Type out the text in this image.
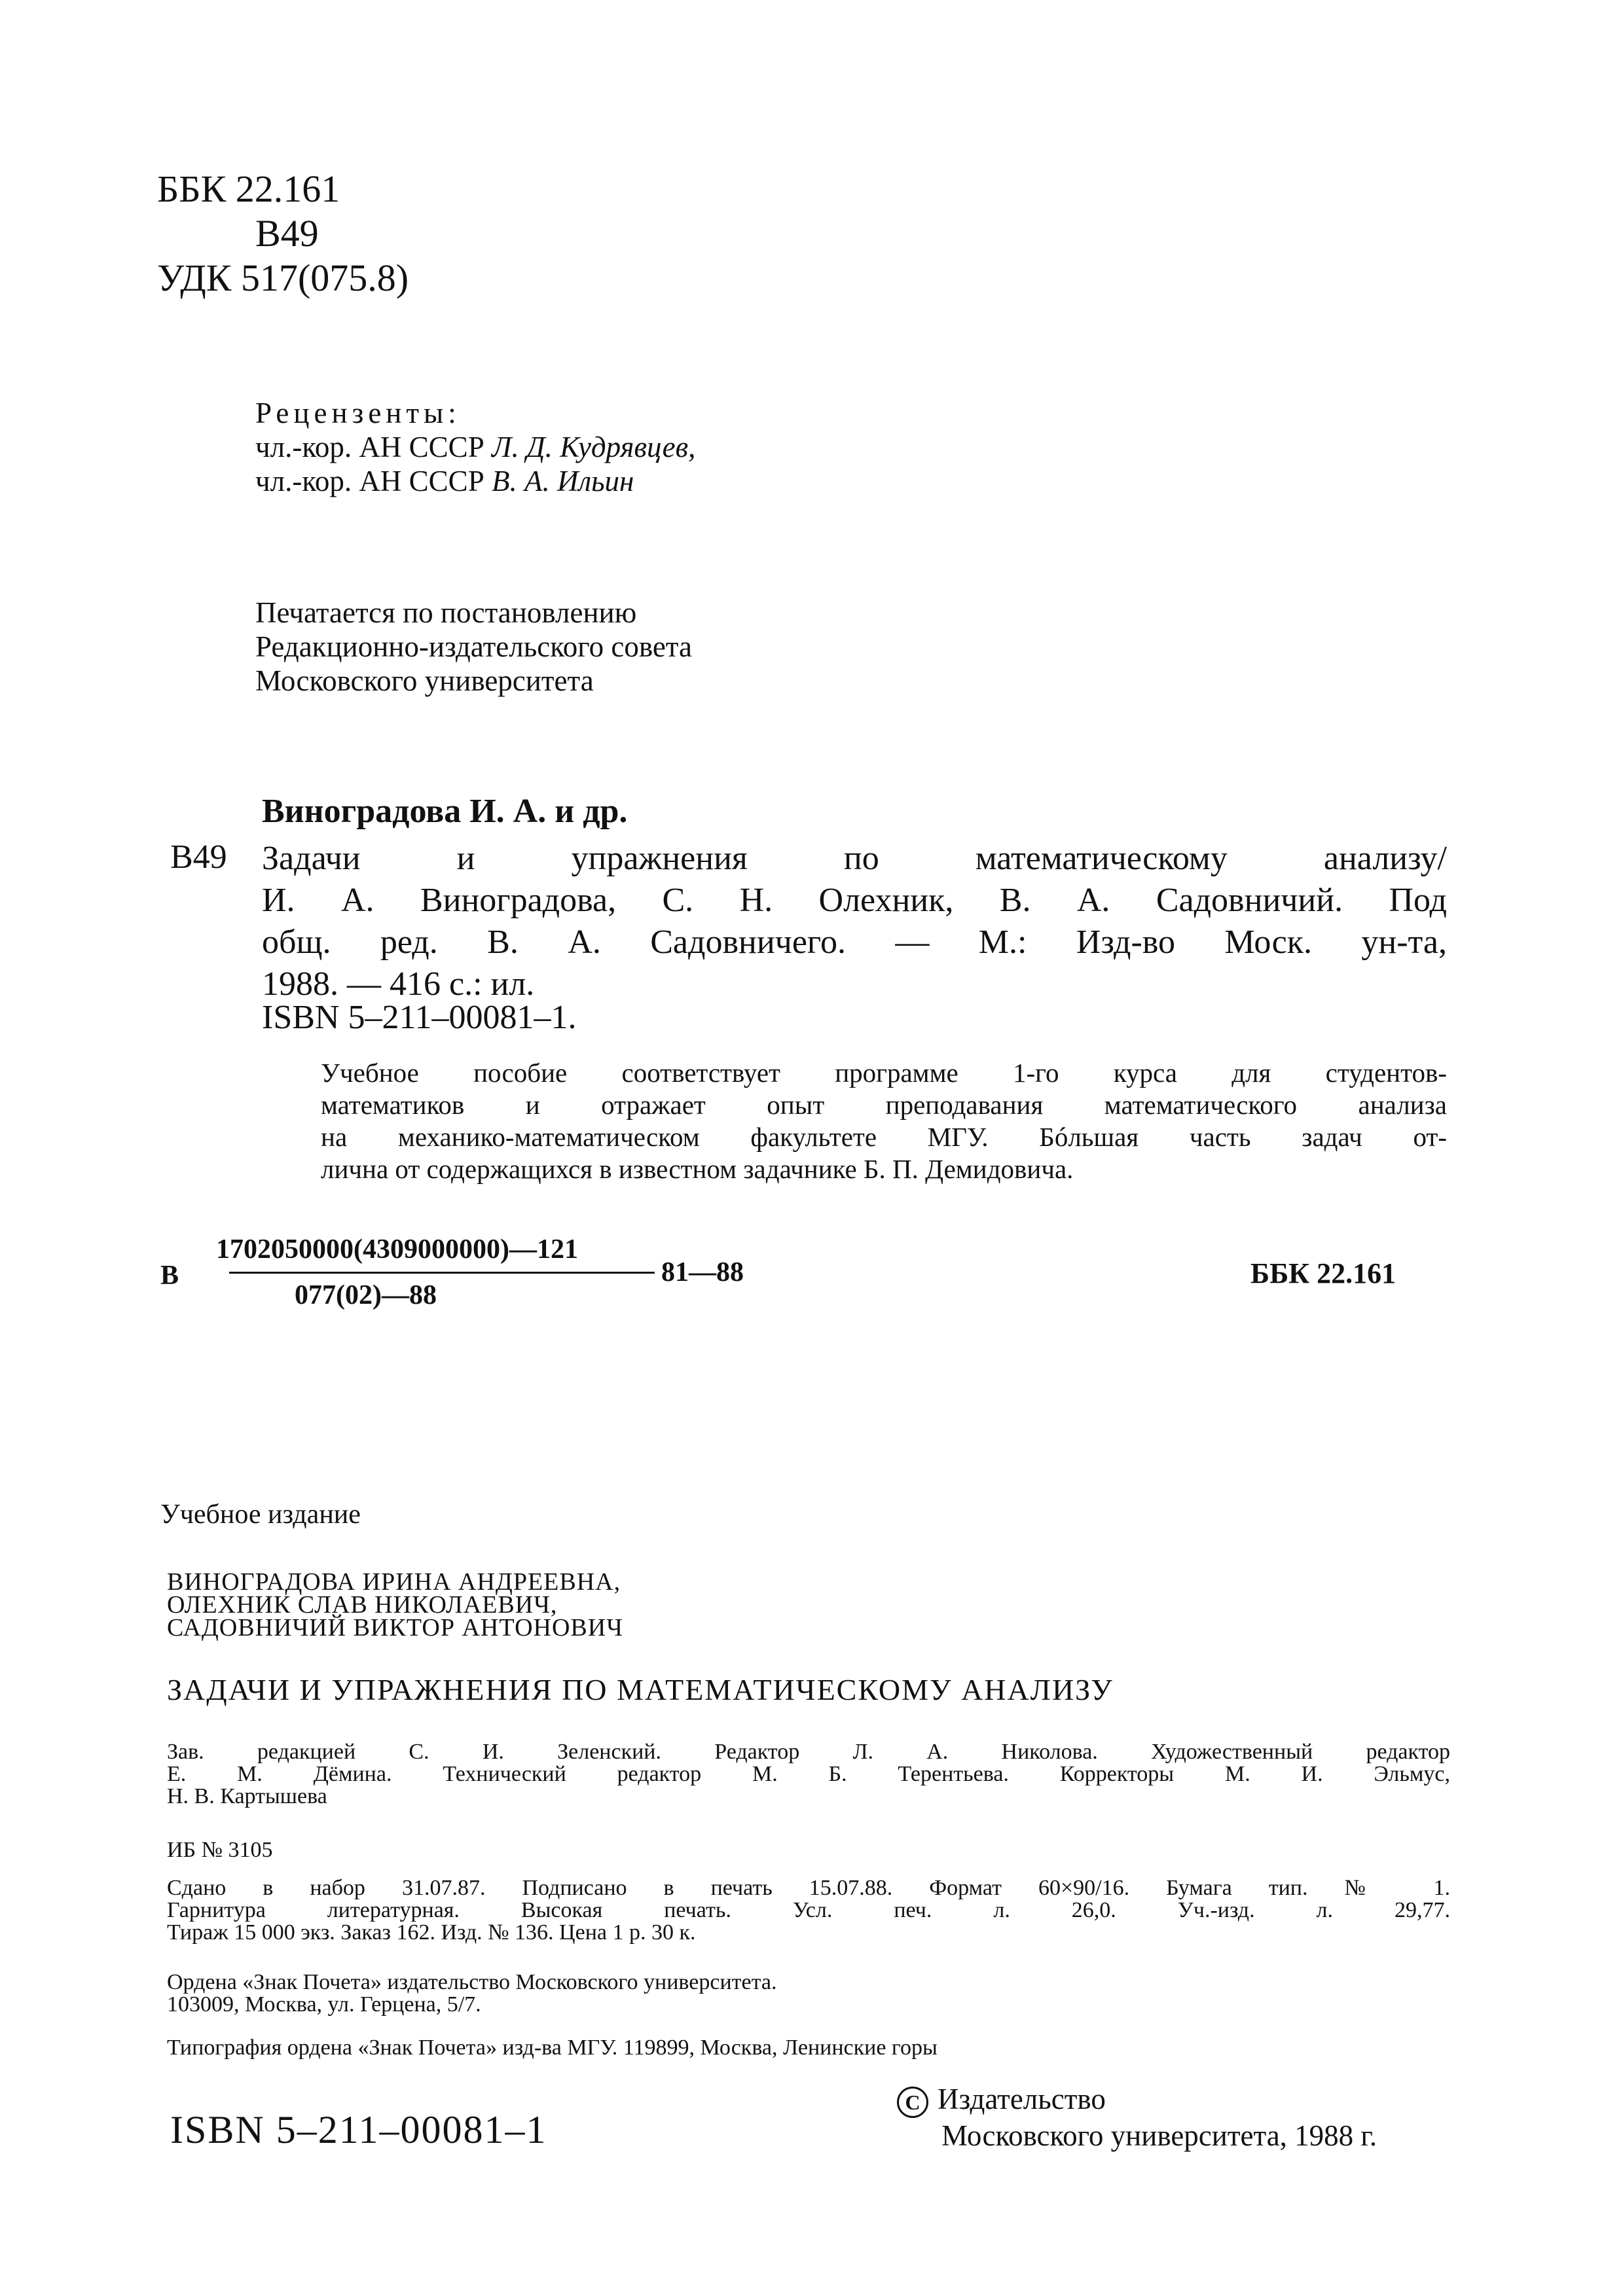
ББК 22.161
В49
УДК 517(075.8)
Рецензенты:
чл.-кор. АН СССР Л. Д. Кудрявцев,
чл.-кор. АН СССР В. А. Ильин
Печатается по постановлению
Редакционно-издательского совета
Московского университета
Виноградова И. А. и др.
В49 Задачи и упражнения по математическому анализу/
И. А. Виноградова, С. Н. Олехник, В. А. Садовничий. Под
общ. ред. В. А. Садовничего. — М.: Изд-во Моск. ун-та,
1988. — 416 с.: ил.
ISBN 5–211–00081–1.
Учебное пособие соответствует программе 1-го курса для студентов-
математиков и отражает опыт преподавания математического анализа
на механико-математическом факультете МГУ. Бóльшая часть задач от-
лична от содержащихся в известном задачнике Б. П. Демидовича.
В
1702050000(4309000000)—121
077(02)—88
81—88	ББК 22.161
Учебное издание
ВИНОГРАДОВА ИРИНА АНДРЕЕВНА,
ОЛЕХНИК СЛАВ НИКОЛАЕВИЧ,
САДОВНИЧИЙ ВИКТОР АНТОНОВИЧ
ЗАДАЧИ И УПРАЖНЕНИЯ ПО МАТЕМАТИЧЕСКОМУ АНАЛИЗУ
Зав. редакцией С. И. Зеленский. Редактор Л. А. Николова. Художественный редактор
Е. М. Дёмина. Технический редактор М. Б. Терентьева. Корректоры М. И. Эльмус,
Н. В. Картышева
ИБ № 3105
Сдано в набор 31.07.87. Подписано в печать 15.07.88. Формат 60×90/16. Бумага тип. № 1.
Гарнитура литературная. Высокая печать. Усл. печ. л. 26,0. Уч.-изд. л. 29,77.
Тираж 15 000 экз. Заказ 162. Изд. № 136. Цена 1 р. 30 к.
Ордена «Знак Почета» издательство Московского университета.
103009, Москва, ул. Герцена, 5/7.
Типография ордена «Знак Почета» изд-ва МГУ. 119899, Москва, Ленинские горы
ISBN 5–211–00081–1
C Издательство
Московского университета, 1988 г.
